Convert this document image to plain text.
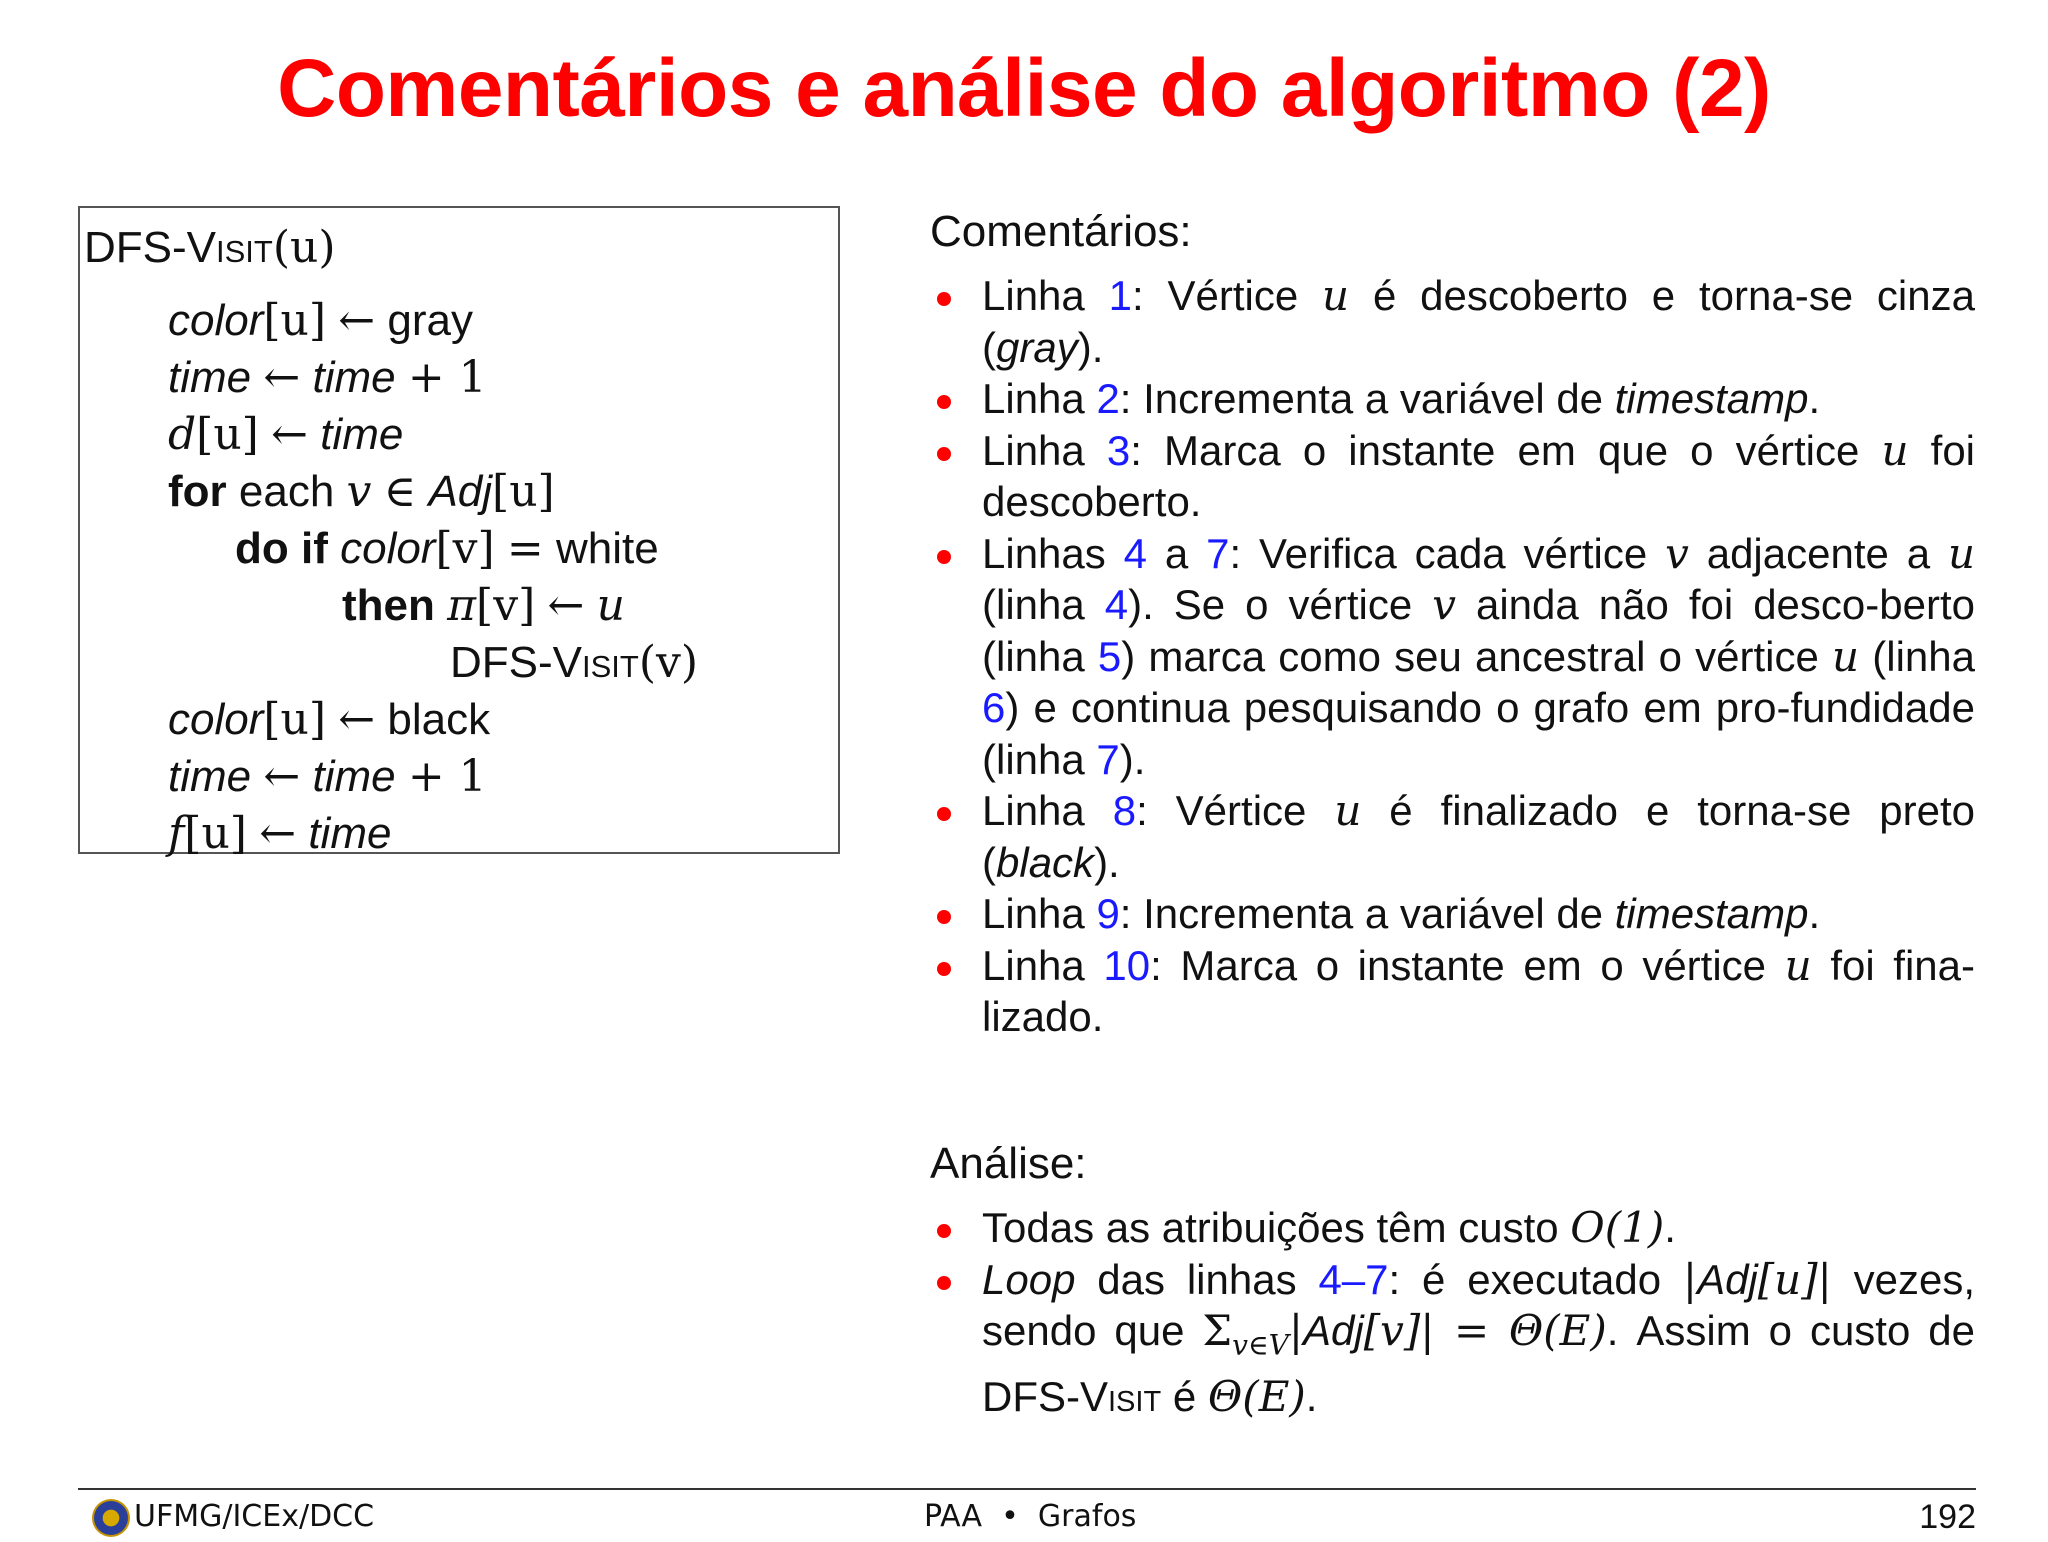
Comentários e análise do algoritmo (2)
DFS-Visit(u)
color[u] ← gray
time ← time + 1
d[u] ← time
for each v ∈ Adj[u]
do if color[v] = white
then π[v] ← u
DFS-Visit(v)
color[u] ← black
time ← time + 1
f[u] ← time
Comentários:
Linha 1: Vértice u é descoberto e torna-se cinza (gray).
Linha 2: Incrementa a variável de timestamp.
Linha 3: Marca o instante em que o vértice u foi descoberto.
Linhas 4 a 7: Verifica cada vértice v adjacente a u (linha 4). Se o vértice v ainda não foi desco-berto (linha 5) marca como seu ancestral o vértice u (linha 6) e continua pesquisando o grafo em pro-fundidade (linha 7).
Linha 8: Vértice u é finalizado e torna-se preto (black).
Linha 9: Incrementa a variável de timestamp.
Linha 10: Marca o instante em o vértice u foi fina-lizado.
Análise:
Todas as atribuições têm custo O(1).
Loop das linhas 4–7: é executado |Adj[u]| vezes, sendo que $\Sigma_{v\in V}|Adj[v]| = \Theta(E)$. Assim o custo de DFS-Visit é Θ(E).
UFMG/ICEx/DCC	PAA • Grafos	192
